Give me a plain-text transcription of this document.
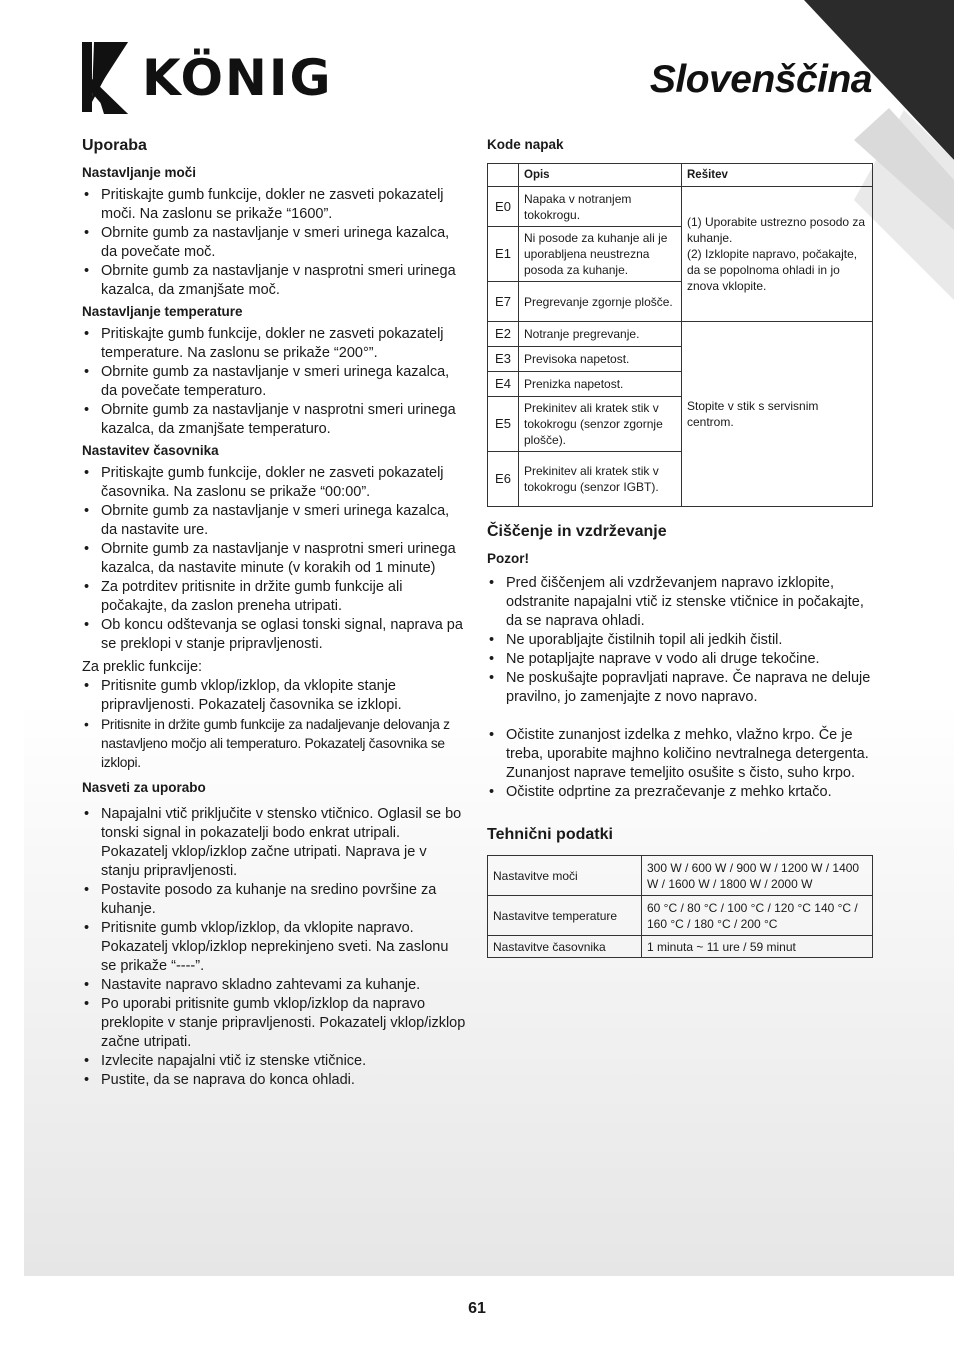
KÖNIG	Slovenščina
Uporaba
Nastavljanje moči
• Pritiskajte gumb funkcije, dokler ne zasveti pokazatelj moči. Na zaslonu se prikaže “1600”.
• Obrnite gumb za nastavljanje v smeri urinega kazalca, da povečate moč.
• Obrnite gumb za nastavljanje v nasprotni smeri urinega kazalca, da zmanjšate moč.
Nastavljanje temperature
• Pritiskajte gumb funkcije, dokler ne zasveti pokazatelj temperature. Na zaslonu se prikaže “200°”.
• Obrnite gumb za nastavljanje v smeri urinega kazalca, da povečate temperaturo.
• Obrnite gumb za nastavljanje v nasprotni smeri urinega kazalca, da zmanjšate temperaturo.
Nastavitev časovnika
• Pritiskajte gumb funkcije, dokler ne zasveti pokazatelj časovnika. Na zaslonu se prikaže “00:00”.
• Obrnite gumb za nastavljanje v smeri urinega kazalca, da nastavite ure.
• Obrnite gumb za nastavljanje v nasprotni smeri urinega kazalca, da nastavite minute (v korakih od 1 minute)
• Za potrditev pritisnite in držite gumb funkcije ali počakajte, da zaslon preneha utripati.
• Ob koncu odštevanja se oglasi tonski signal, naprava pa se preklopi v stanje pripravljenosti.

Za preklic funkcije:

• Pritisnite gumb vklop/izklop, da vklopite stanje pripravljenosti. Pokazatelj časovnika se izklopi.
• Pritisnite in držite gumb funkcije za nadaljevanje delovanja z nastavljeno močjo ali temperaturo. Pokazatelj časovnika se izklopi.
Nasveti za uporabo
• Napajalni vtič priključite v stensko vtičnico. Oglasil se bo tonski signal in pokazatelji bodo enkrat utripali. Pokazatelj vklop/izklop začne utripati. Naprava je v stanju pripravljenosti.
• Postavite posodo za kuhanje na sredino površine za kuhanje.
• Pritisnite gumb vklop/izklop, da vklopite napravo. Pokazatelj vklop/izklop neprekinjeno sveti. Na zaslonu se prikaže “----”.
• Nastavite napravo skladno zahtevami za kuhanje.
• Po uporabi pritisnite gumb vklop/izklop da napravo preklopite v stanje pripravljenosti. Pokazatelj vklop/izklop začne utripati.
• Izvlecite napajalni vtič iz stenske vtičnice.
• Pustite, da se naprava do konca ohladi.
Kode napak
	Opis	Rešitev
E0	Napaka v notranjem tokokrogu.	(1) Uporabite ustrezno posodo za kuhanje.
(2) Izklopite napravo, počakajte, da se popolnoma ohladi in jo znova vklopite.
E1	Ni posode za kuhanje ali je uporabljena neustrezna posoda za kuhanje.	
E7	Pregrevanje zgornje plošče.	
E2	Notranje pregrevanje.	Stopite v stik s servisnim centrom.
E3	Previsoka napetost.	
E4	Prenizka napetost.	
E5	Prekinitev ali kratek stik v tokokrogu (senzor zgornje plošče).	
E6	Prekinitev ali kratek stik v tokokrogu (senzor IGBT).	
Čiščenje in vzdrževanje
Pozor!
• Pred čiščenjem ali vzdrževanjem napravo izklopite, odstranite napajalni vtič iz stenske vtičnice in počakajte, da se naprava ohladi.
• Ne uporabljajte čistilnih topil ali jedkih čistil.
• Ne potapljajte naprave v vodo ali druge tekočine.
• Ne poskušajte popravljati naprave. Če naprava ne deluje pravilno, jo zamenjajte z novo napravo.
• Očistite zunanjost izdelka z mehko, vlažno krpo. Če je treba, uporabite majhno količino nevtralnega detergenta. Zunanjost naprave temeljito osušite s čisto, suho krpo.
• Očistite odprtine za prezračevanje z mehko krtačo.
Tehnični podatki
Nastavitve moči	300 W / 600 W / 900 W / 1200 W / 1400 W / 1600 W / 1800 W / 2000 W
Nastavitve temperature	60 °C / 80 °C / 100 °C / 120 °C 140 °C / 160 °C / 180 °C / 200 °C
Nastavitve časovnika	1 minuta ~ 11 ure / 59 minut
61
